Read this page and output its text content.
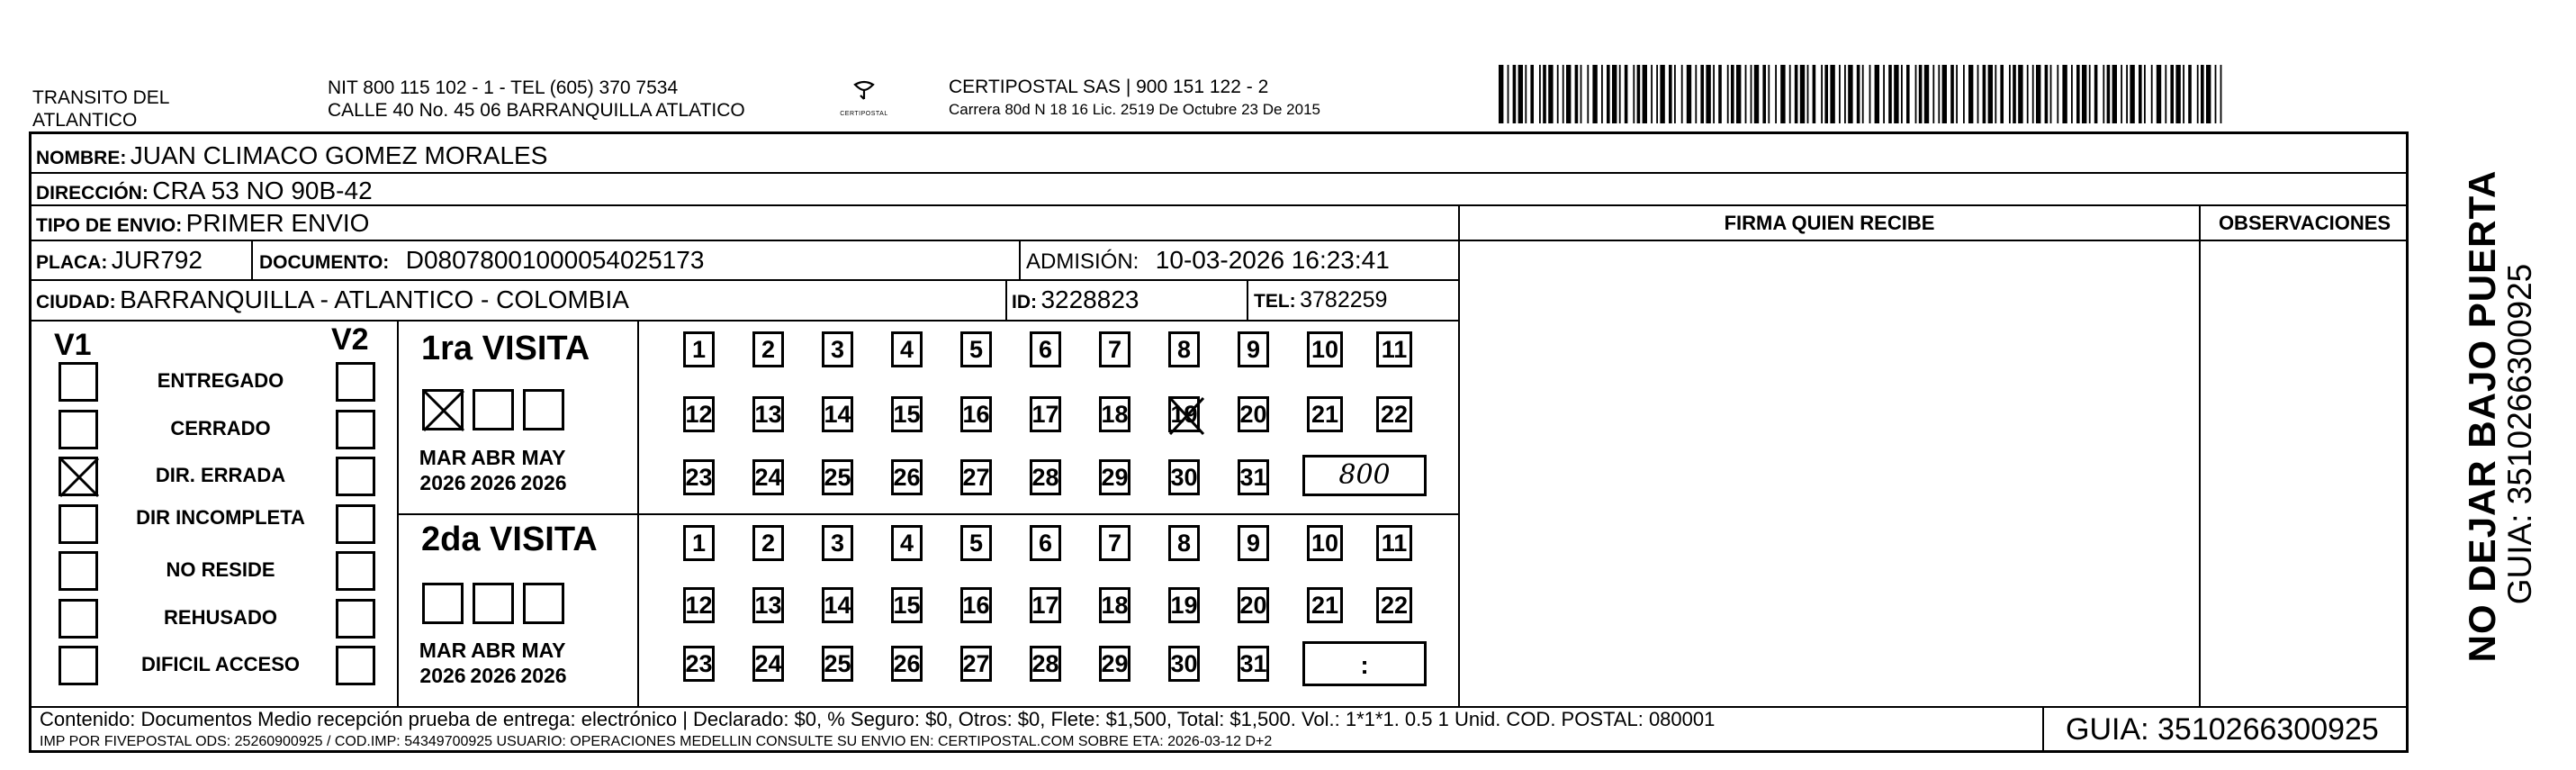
TRANSITO DEL
ATLANTICO
NIT 800 115 102 - 1 - TEL (605) 370 7534
CALLE 40 No. 45 06 BARRANQUILLA ATLATICO	CERTIPOSTAL
CERTIPOSTAL SAS | 900 151 122 - 2
Carrera 80d N 18 16 Lic. 2519 De Octubre 23 De 2015
NOMBRE: JUAN CLIMACO GOMEZ MORALES
DIRECCIÓN: CRA 53 NO 90B-42
TIPO DE ENVIO: PRIMER ENVIO	FIRMA QUIEN RECIBE	OBSERVACIONES
PLACA: JUR792	DOCUMENTO: D08078001000054025173	ADMISIÓN: 10-03-2026 16:23:41
CIUDAD: BARRANQUILLA - ATLANTICO - COLOMBIA	ID: 3228823	TEL: 3782259
V1	V2
ENTREGADO
CERRADO
DIR. ERRADA
DIR INCOMPLETA
NO RESIDE
REHUSADO
DIFICIL ACCESO
1ra VISITA
2da VISITA
MAR
2026
ABR
2026
MAY
2026
MAR
2026
ABR
2026
MAY
2026
1 2 3 4 5 6 7 8 9 10 11
12 13 14 15 16 17 18 19 20 21 22
23 24 25 26 27 28 29 30 31
1 2 3 4 5 6 7 8 9 10 11
12 13 14 15 16 17 18 19 20 21 22
23 24 25 26 27 28 29 30 31
800
:
NO DEJAR BAJO PUERTA
GUIA: 3510266300925
Contenido: Documentos Medio recepción prueba de entrega: electrónico | Declarado: $0, % Seguro: $0, Otros: $0, Flete: $1,500, Total: $1,500. Vol.: 1*1*1. 0.5 1 Unid. COD. POSTAL: 080001
IMP POR FIVEPOSTAL ODS: 25260900925 / COD.IMP: 54349700925 USUARIO: OPERACIONES MEDELLIN CONSULTE SU ENVIO EN: CERTIPOSTAL.COM SOBRE ETA: 2026-03-12 D+2	GUIA: 3510266300925
